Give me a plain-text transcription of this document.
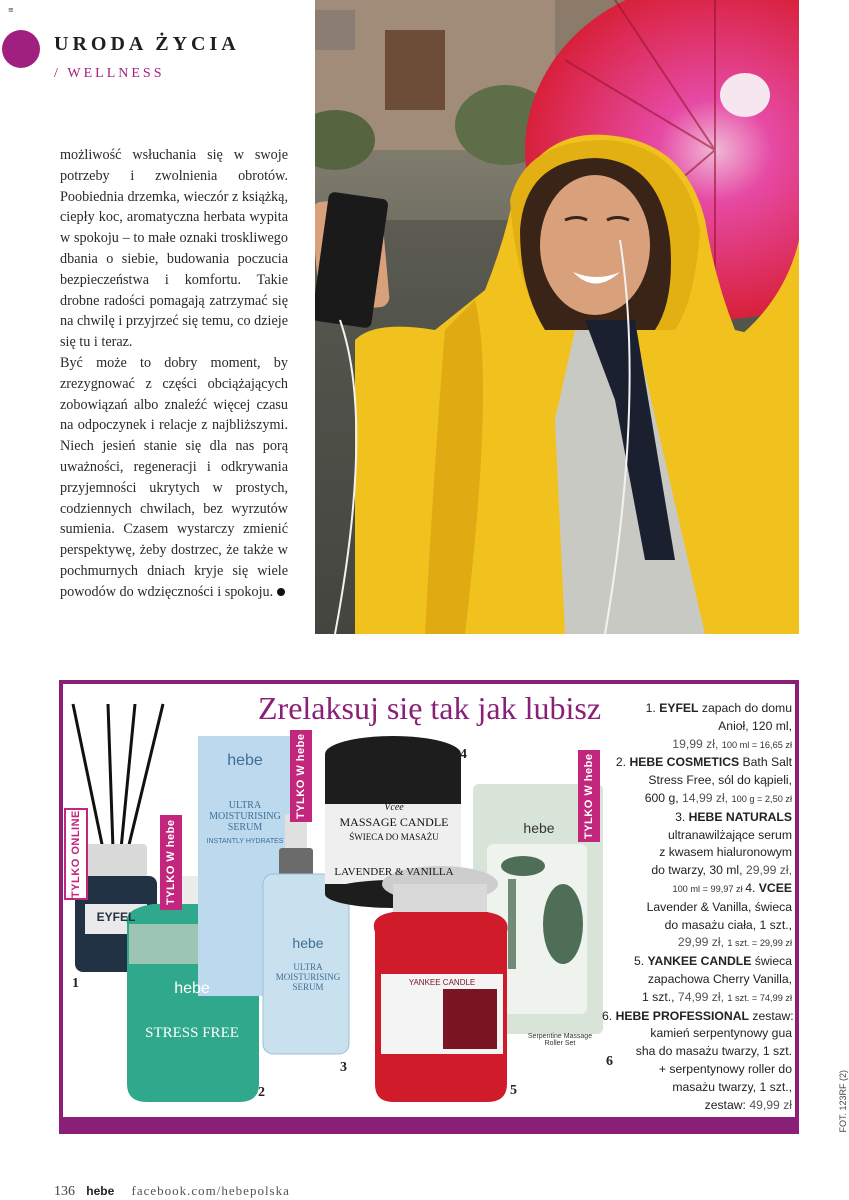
≡
URODA ŻYCIA
/ WELLNESS

możliwość wsłuchania się w swoje potrzeby i zwolnienia obrotów. Poobiednia drzemka, wieczór z książką, ciepły koc, aromatyczna herbata wypita w spokoju – to małe oznaki troskliwego dbania o siebie, budowania poczucia bezpieczeństwa i komfortu. Takie drobne radości pomagają zatrzymać się na chwilę i przyjrzeć się temu, co dzieje się tu i teraz.

Być może to dobry moment, by zrezygnować z części obciążających zobowiązań albo znaleźć więcej czasu na odpoczynek i relacje z najbliższymi. Niech jesień stanie się dla nas porą uważności, regeneracji i odkrywania przyjemności ukrytych w prostych, codziennych chwilach, bez wyrzutów sumienia. Czasem wystarczy zmienić perspektywę, żeby dostrzec, że także w pochmurnych dniach kryje się wiele powodów do wdzięczności i spokoju.

Zrelaksuj się tak jak lubisz
EYFEL
hebe
STRESS FREE
hebe
ULTRA MOISTURISING SERUM
INSTANTLY HYDRATES
hebe
ULTRA MOISTURISING SERUM
Vcee
MASSAGE CANDLE
ŚWIECA DO MASAŻU
LAVENDER & VANILLA
YANKEE CANDLE
hebe
Serpentine Massage Roller Set
TYLKO ONLINE	TYLKO W hebe
TYLKO W hebe	TYLKO W hebe
1
2
3
4
5
6
1. EYFEL zapach do domu
Anioł, 120 ml,
19,99 zł, 100 ml = 16,65 zł
2. HEBE COSMETICS Bath Salt
Stress Free, sól do kąpieli,
600 g, 14,99 zł, 100 g = 2,50 zł
3. HEBE NATURALS
ultranawilżające serum
z kwasem hialuronowym
do twarzy, 30 ml, 29,99 zł,
100 ml = 99,97 zł 4. VCEE
Lavender & Vanilla, świeca
do masażu ciała, 1 szt.,
29,99 zł, 1 szt. = 29,99 zł
5. YANKEE CANDLE świeca
zapachowa Cherry Vanilla,
1 szt., 74,99 zł, 1 szt. = 74,99 zł
6. HEBE PROFESSIONAL zestaw:
kamień serpentynowy gua
sha do masażu twarzy, 1 szt.
+ serpentynowy roller do
masażu twarzy, 1 szt.,
zestaw: 49,99 zł
136 hebe facebook.com/hebepolska
FOT. 123RF (2)
